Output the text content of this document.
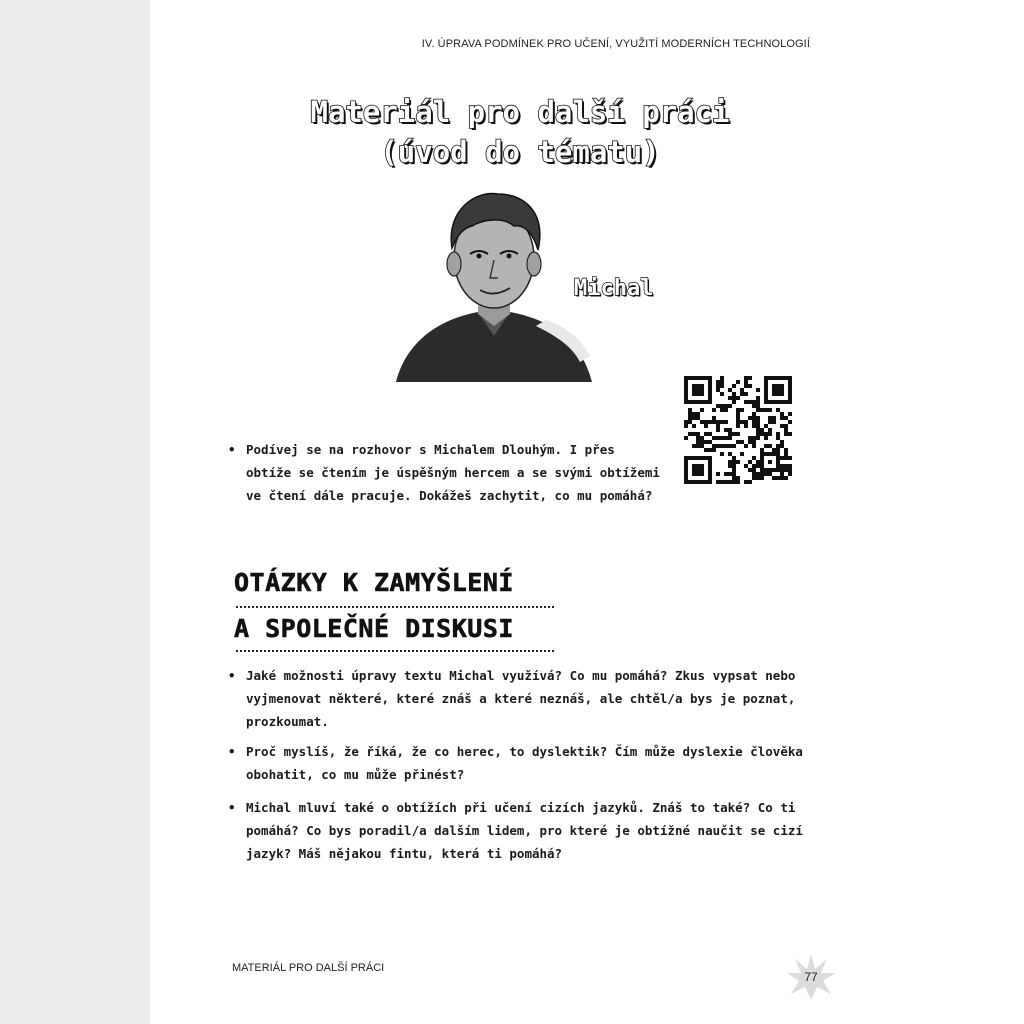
IV. ÚPRAVA PODMÍNEK PRO UČENÍ, VYUŽITÍ MODERNÍCH TECHNOLOGIÍ
Materiál pro další práci
(úvod do tématu)
Michal
• Podívej se na rozhovor s Michalem Dlouhým. I přes obtíže se čtením je úspěšným hercem a se svými obtížemi ve čtení dále pracuje. Dokážeš zachytit, co mu pomáhá?
OTÁZKY K ZAMYŠLENÍ
A SPOLEČNÉ DISKUSI
• Jaké možnosti úpravy textu Michal využívá? Co mu pomáhá? Zkus vypsat nebo vyjmenovat některé, které znáš a které neznáš, ale chtěl/a bys je poznat, prozkoumat.
• Proč myslíš, že říká, že co herec, to dyslektik? Čím může dyslexie člověka obohatit, co mu může přinést?
• Michal mluví také o obtížích při učení cizích jazyků. Znáš to také? Co ti pomáhá? Co bys poradil/a dalším lidem, pro které je obtížné naučit se cizí jazyk? Máš nějakou fintu, která ti pomáhá?
MATERIÁL PRO DALŠÍ PRÁCI
77
